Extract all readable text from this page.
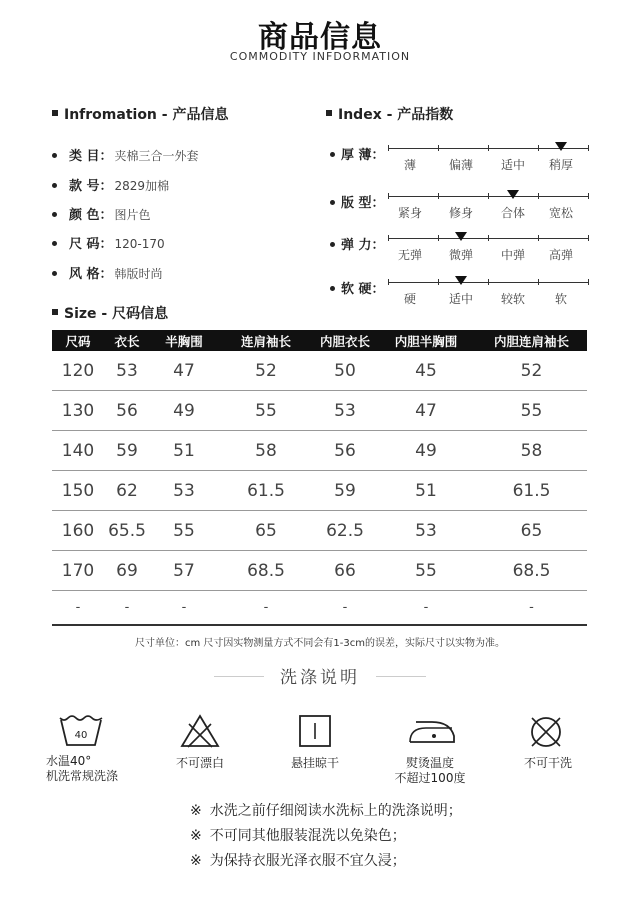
商品信息
COMMODITY INFDORMATION
Infromation - 产品信息
类 目： 夹棉三合一外套
款 号： 2829加棉
颜 色： 图片色
尺 码： 120-170
风 格： 韩版时尚
Index - 产品指数
厚 薄：
薄	偏薄	适中	稍厚
版 型：
紧身	修身	合体	宽松
弹 力：
无弹	微弹	中弹	高弹
软 硬：
硬	适中	较软	软
Size - 尺码信息
尺码	衣长	半胸围	连肩袖长	内胆衣长	内胆半胸围	内胆连肩袖长
120	53	47	52	50	45	52
130	56	49	55	53	47	55
140	59	51	58	56	49	58
150	62	53	61.5	59	51	61.5
160	65.5	55	65	62.5	53	65
170	69	57	68.5	66	55	68.5
-	-	-	-	-	-	-
尺寸单位：cm 尺寸因实物测量方式不同会有1-3cm的误差，实际尺寸以实物为准。
洗涤说明
40
水温40°
机洗常规洗涤
不可漂白	悬挂晾干	熨烫温度
不超过100度
不可干洗
※ 水洗之前仔细阅读水洗标上的洗涤说明；
※ 不可同其他服装混洗以免染色；
※ 为保持衣服光泽衣服不宜久浸；
